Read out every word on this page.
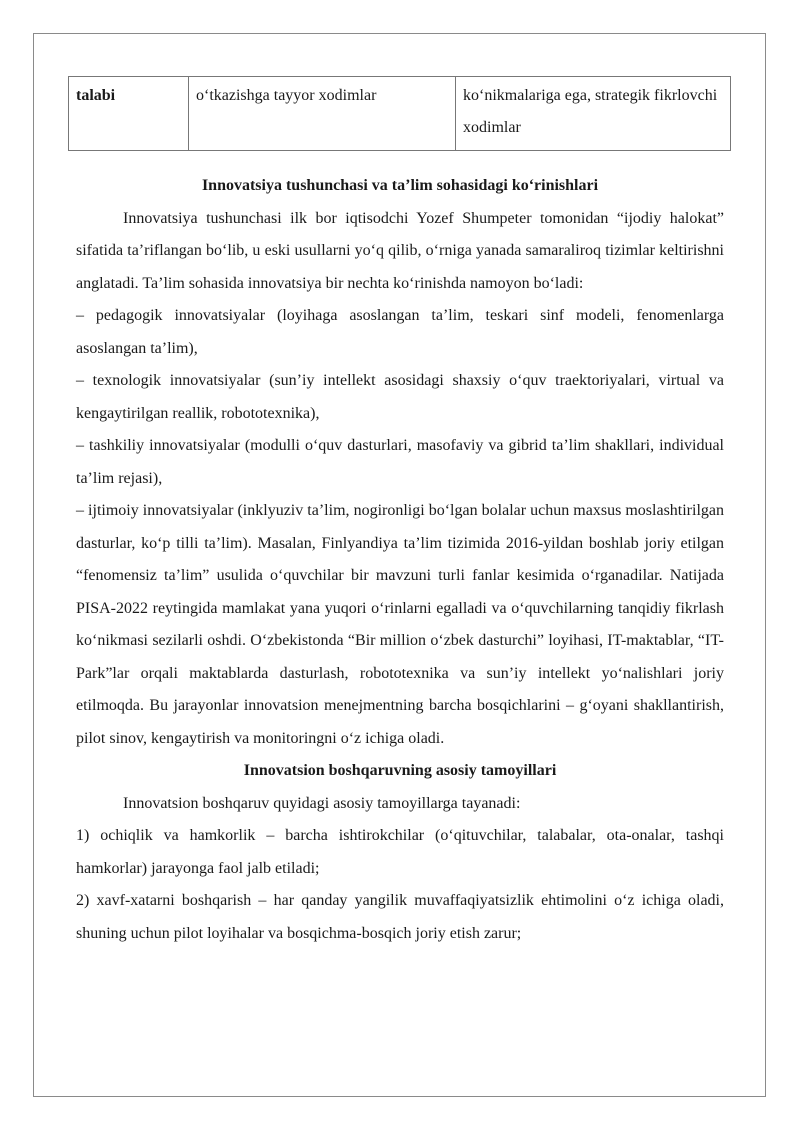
talabi	o‘tkazishga tayyor xodimlar	ko‘nikmalariga ega, strategik fikrlovchi xodimlar

Innovatsiya tushunchasi va ta’lim sohasidagi ko‘rinishlari

Innovatsiya tushunchasi ilk bor iqtisodchi Yozef Shumpeter tomonidan “ijodiy halokat” sifatida ta’riflangan bo‘lib, u eski usullarni yo‘q qilib, o‘rniga yanada samaraliroq tizimlar keltirishni anglatadi. Ta’lim sohasida innovatsiya bir nechta ko‘rinishda namoyon bo‘ladi:

– pedagogik innovatsiyalar (loyihaga asoslangan ta’lim, teskari sinf modeli, fenomenlarga asoslangan ta’lim),

– texnologik innovatsiyalar (sun’iy intellekt asosidagi shaxsiy o‘quv traektoriyalari, virtual va kengaytirilgan reallik, robototexnika),

– tashkiliy innovatsiyalar (modulli o‘quv dasturlari, masofaviy va gibrid ta’lim shakllari, individual ta’lim rejasi),

– ijtimoiy innovatsiyalar (inklyuziv ta’lim, nogironligi bo‘lgan bolalar uchun maxsus moslashtirilgan dasturlar, ko‘p tilli ta’lim). Masalan, Finlyandiya ta’lim tizimida 2016-yildan boshlab joriy etilgan “fenomensiz ta’lim” usulida o‘quvchilar bir mavzuni turli fanlar kesimida o‘rganadilar. Natijada PISA-2022 reytingida mamlakat yana yuqori o‘rinlarni egalladi va o‘quvchilarning tanqidiy fikrlash ko‘nikmasi sezilarli oshdi. O‘zbekistonda “Bir million o‘zbek dasturchi” loyihasi, IT-maktablar, “IT-Park”lar orqali maktablarda dasturlash, robototexnika va sun’iy intellekt yo‘nalishlari joriy etilmoqda. Bu jarayonlar innovatsion menejmentning barcha bosqichlarini – g‘oyani shakllantirish, pilot sinov, kengaytirish va monitoringni o‘z ichiga oladi.

Innovatsion boshqaruvning asosiy tamoyillari

Innovatsion boshqaruv quyidagi asosiy tamoyillarga tayanadi:

1) ochiqlik va hamkorlik – barcha ishtirokchilar (o‘qituvchilar, talabalar, ota-onalar, tashqi hamkorlar) jarayonga faol jalb etiladi;

2) xavf-xatarni boshqarish – har qanday yangilik muvaffaqiyatsizlik ehtimolini o‘z ichiga oladi, shuning uchun pilot loyihalar va bosqichma-bosqich joriy etish zarur;
